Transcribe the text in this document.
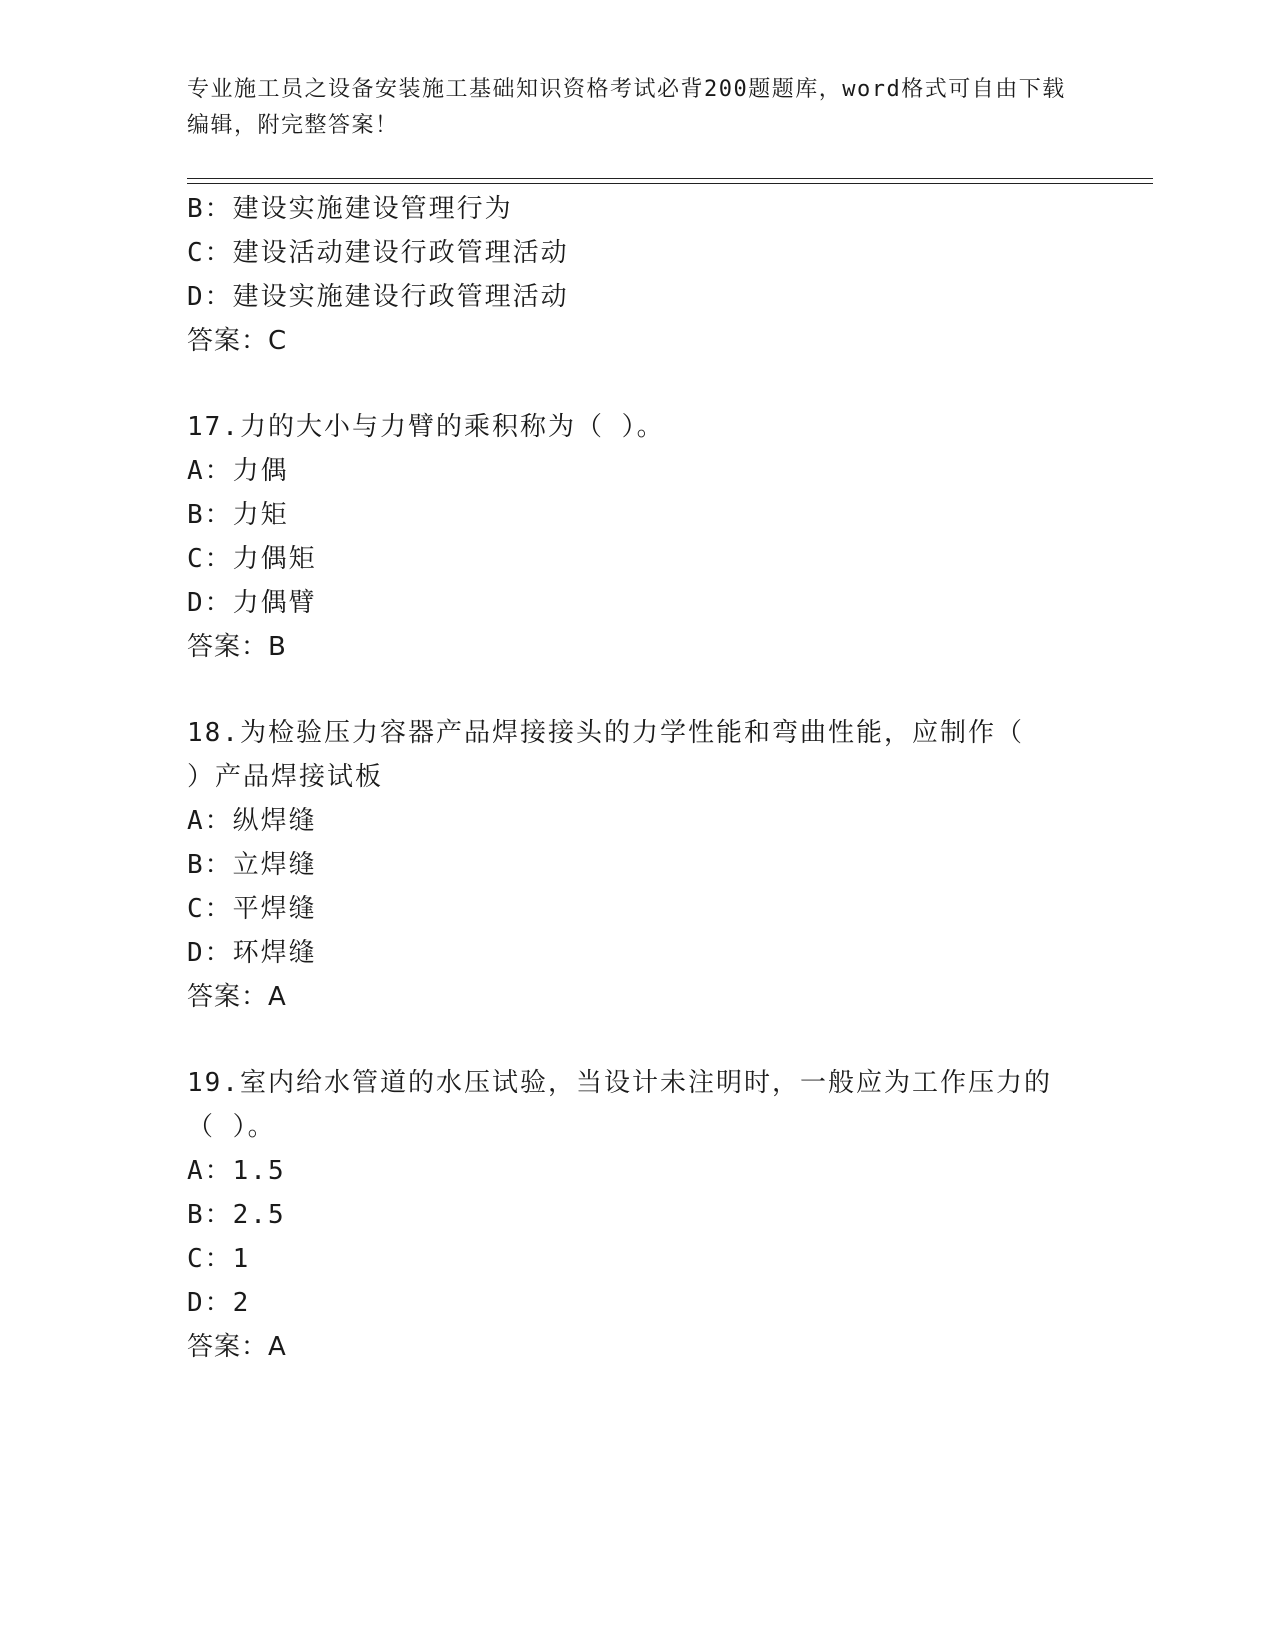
专业施工员之设备安装施工基础知识资格考试必背200题题库，word格式可自由下载编辑，附完整答案！
B：建设实施建设管理行为
C：建设活动建设行政管理活动
D：建设实施建设行政管理活动
答案：C
17.力的大小与力臂的乘积称为（ ）。
A：力偶
B：力矩
C：力偶矩
D：力偶臂
答案：B
18.为检验压力容器产品焊接接头的力学性能和弯曲性能，应制作（
）产品焊接试板
A：纵焊缝
B：立焊缝
C：平焊缝
D：环焊缝
答案：A
19.室内给水管道的水压试验，当设计未注明时，一般应为工作压力的
（ ）。
A：1.5
B：2.5
C：1
D：2
答案：A
